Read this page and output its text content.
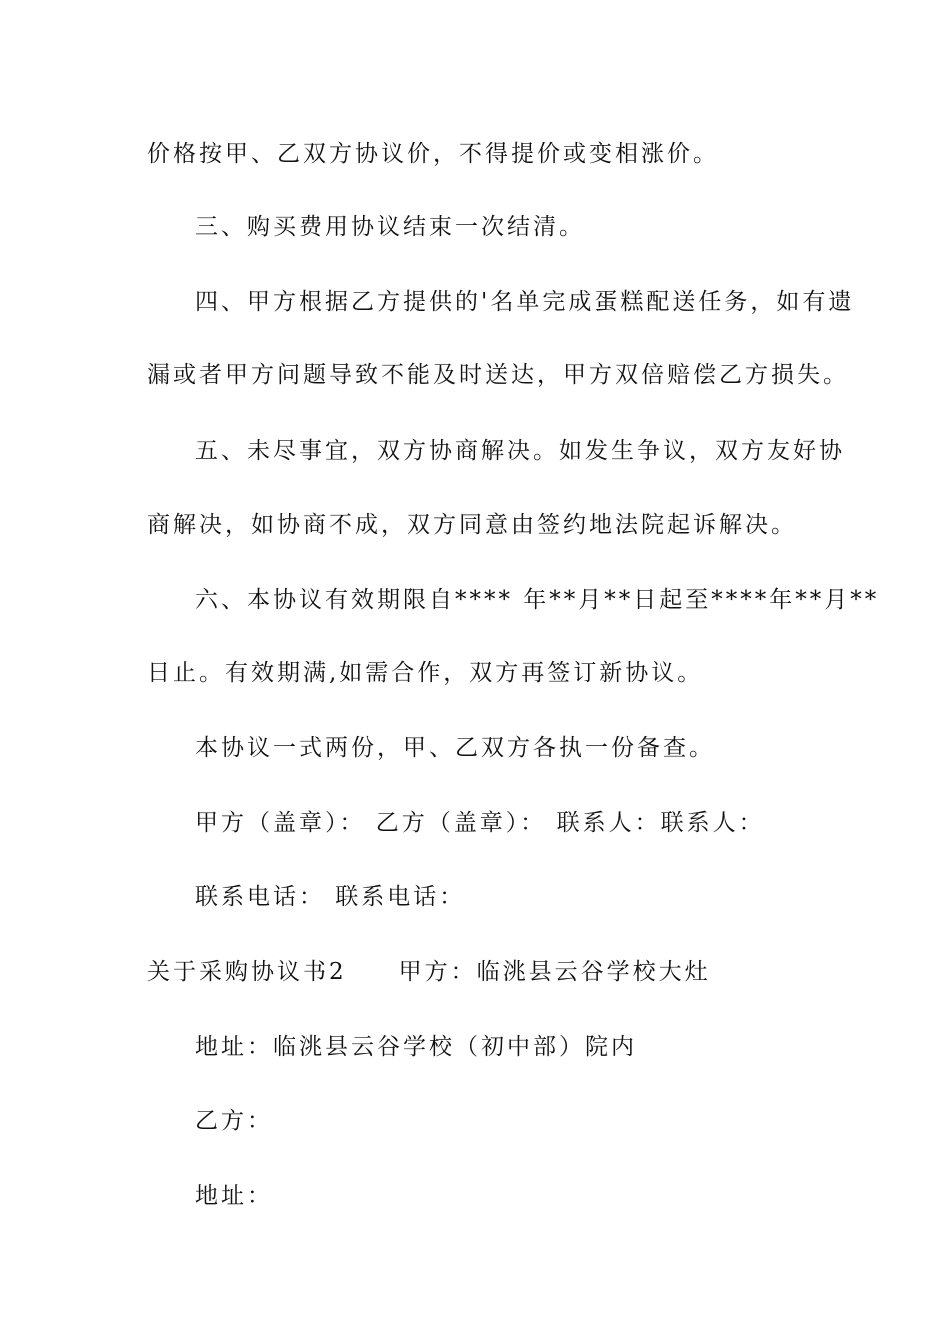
价格按甲、乙双方协议价，不得提价或变相涨价。
三、购买费用协议结束一次结清。
四、甲方根据乙方提供的'名单完成蛋糕配送任务，如有遗
漏或者甲方问题导致不能及时送达，甲方双倍赔偿乙方损失。
五、未尽事宜，双方协商解决。如发生争议，双方友好协
商解决，如协商不成，双方同意由签约地法院起诉解决。
六、本协议有效期限自**** 年**月**日起至****年**月**
日止。有效期满,如需合作，双方再签订新协议。
本协议一式两份，甲、乙双方各执一份备查。
甲方（盖章）： 乙方（盖章）： 联系人：联系人：
联系电话： 联系电话：
关于采购协议书2　　甲方：临洮县云谷学校大灶
地址：临洮县云谷学校（初中部）院内
乙方：
地址：
